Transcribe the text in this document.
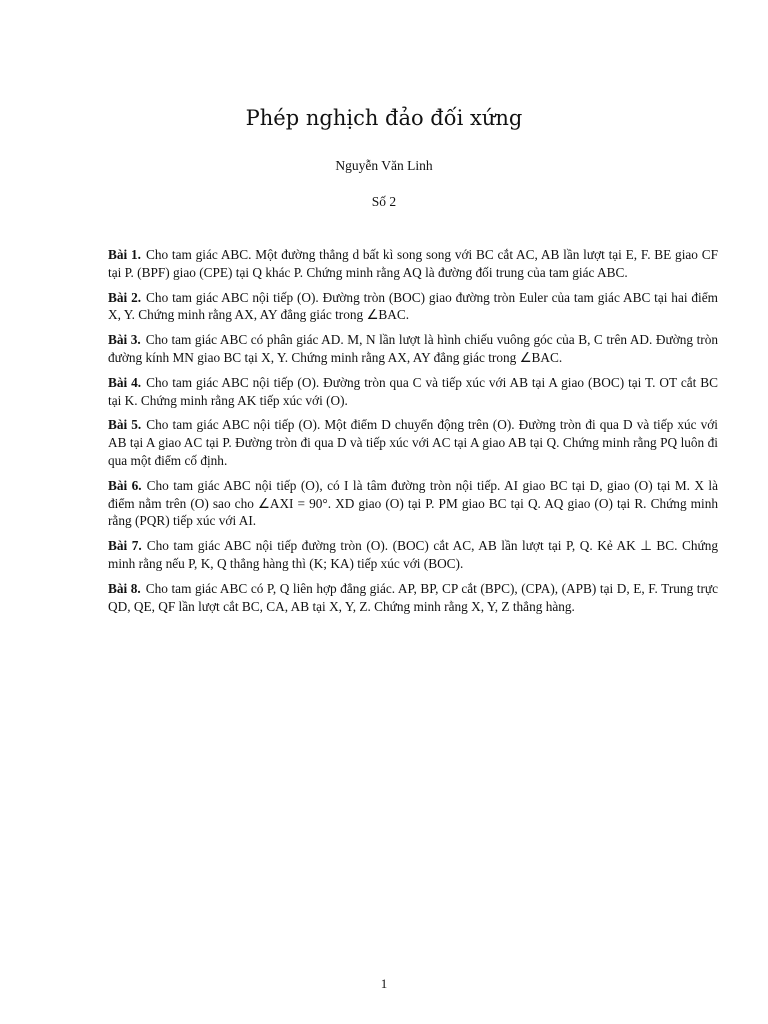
Phép nghịch đảo đối xứng
Nguyễn Văn Linh
Số 2

Bài 1. Cho tam giác ABC. Một đường thẳng d bất kì song song với BC cắt AC, AB lần lượt tại E, F. BE giao CF tại P. (BPF) giao (CPE) tại Q khác P. Chứng minh rằng AQ là đường đối trung của tam giác ABC.

Bài 2. Cho tam giác ABC nội tiếp (O). Đường tròn (BOC) giao đường tròn Euler của tam giác ABC tại hai điểm X, Y. Chứng minh rằng AX, AY đẳng giác trong ∠BAC.

Bài 3. Cho tam giác ABC có phân giác AD. M, N lần lượt là hình chiếu vuông góc của B, C trên AD. Đường tròn đường kính MN giao BC tại X, Y. Chứng minh rằng AX, AY đẳng giác trong ∠BAC.

Bài 4. Cho tam giác ABC nội tiếp (O). Đường tròn qua C và tiếp xúc với AB tại A giao (BOC) tại T. OT cắt BC tại K. Chứng minh rằng AK tiếp xúc với (O).

Bài 5. Cho tam giác ABC nội tiếp (O). Một điểm D chuyển động trên (O). Đường tròn đi qua D và tiếp xúc với AB tại A giao AC tại P. Đường tròn đi qua D và tiếp xúc với AC tại A giao AB tại Q. Chứng minh rằng PQ luôn đi qua một điểm cố định.

Bài 6. Cho tam giác ABC nội tiếp (O), có I là tâm đường tròn nội tiếp. AI giao BC tại D, giao (O) tại M. X là điểm nằm trên (O) sao cho ∠AXI = 90°. XD giao (O) tại P. PM giao BC tại Q. AQ giao (O) tại R. Chứng minh rằng (PQR) tiếp xúc với AI.

Bài 7. Cho tam giác ABC nội tiếp đường tròn (O). (BOC) cắt AC, AB lần lượt tại P, Q. Kẻ AK ⊥ BC. Chứng minh rằng nếu P, K, Q thẳng hàng thì (K; KA) tiếp xúc với (BOC).

Bài 8. Cho tam giác ABC có P, Q liên hợp đẳng giác. AP, BP, CP cắt (BPC), (CPA), (APB) tại D, E, F. Trung trực QD, QE, QF lần lượt cắt BC, CA, AB tại X, Y, Z. Chứng minh rằng X, Y, Z thẳng hàng.

1
